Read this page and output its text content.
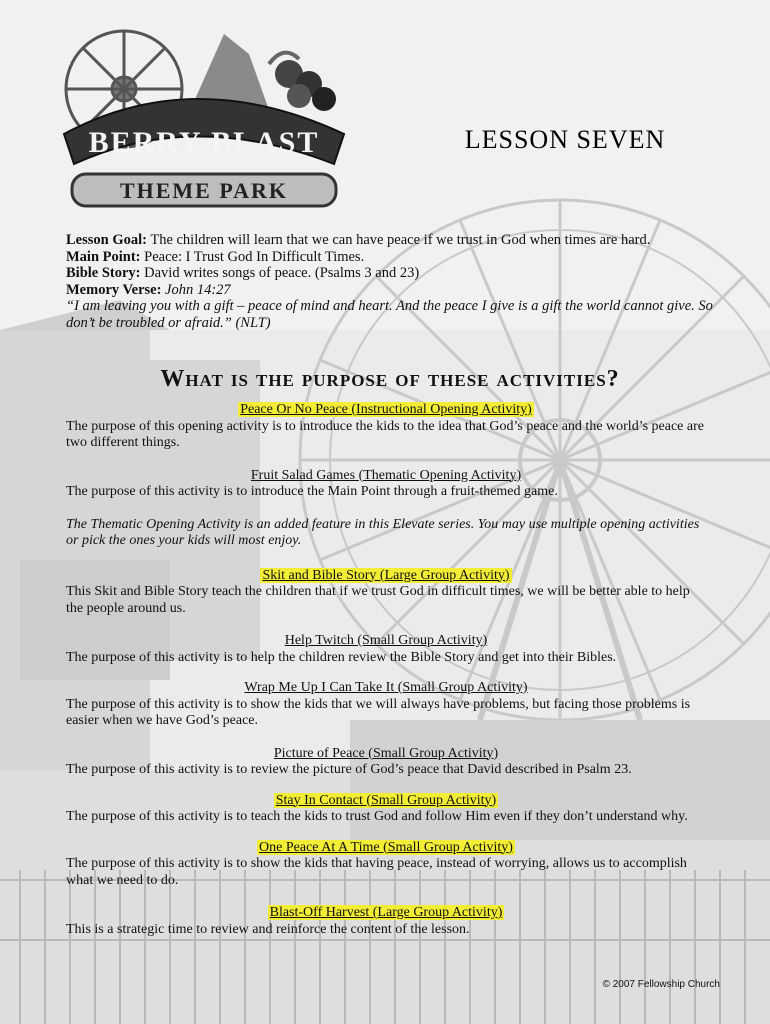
BERRY BLAST
THEME PARK
LESSON SEVEN
Lesson Goal: The children will learn that we can have peace if we trust in God when times are hard.
Main Point: Peace: I Trust God In Difficult Times.
Bible Story: David writes songs of peace. (Psalms 3 and 23)
Memory Verse: John 14:27
“I am leaving you with a gift – peace of mind and heart. And the peace I give is a gift the world cannot give. So don’t be troubled or afraid.” (NLT)
What is the purpose of these activities?
Peace Or No Peace (Instructional Opening Activity)
The purpose of this opening activity is to introduce the kids to the idea that God’s peace and the world’s peace are two different things.
Fruit Salad Games (Thematic Opening Activity)
The purpose of this activity is to introduce the Main Point through a fruit-themed game.
The Thematic Opening Activity is an added feature in this Elevate series. You may use multiple opening activities or pick the ones your kids will most enjoy.
Skit and Bible Story (Large Group Activity)
This Skit and Bible Story teach the children that if we trust God in difficult times, we will be better able to help the people around us.
Help Twitch (Small Group Activity)
The purpose of this activity is to help the children review the Bible Story and get into their Bibles.
Wrap Me Up I Can Take It (Small Group Activity)
The purpose of this activity is to show the kids that we will always have problems, but facing those problems is easier when we have God’s peace.
Picture of Peace (Small Group Activity)
The purpose of this activity is to review the picture of God’s peace that David described in Psalm 23.
Stay In Contact (Small Group Activity)
The purpose of this activity is to teach the kids to trust God and follow Him even if they don’t understand why.
One Peace At A Time (Small Group Activity)
The purpose of this activity is to show the kids that having peace, instead of worrying, allows us to accomplish what we need to do.
Blast-Off Harvest (Large Group Activity)
This is a strategic time to review and reinforce the content of the lesson.
© 2007 Fellowship Church
